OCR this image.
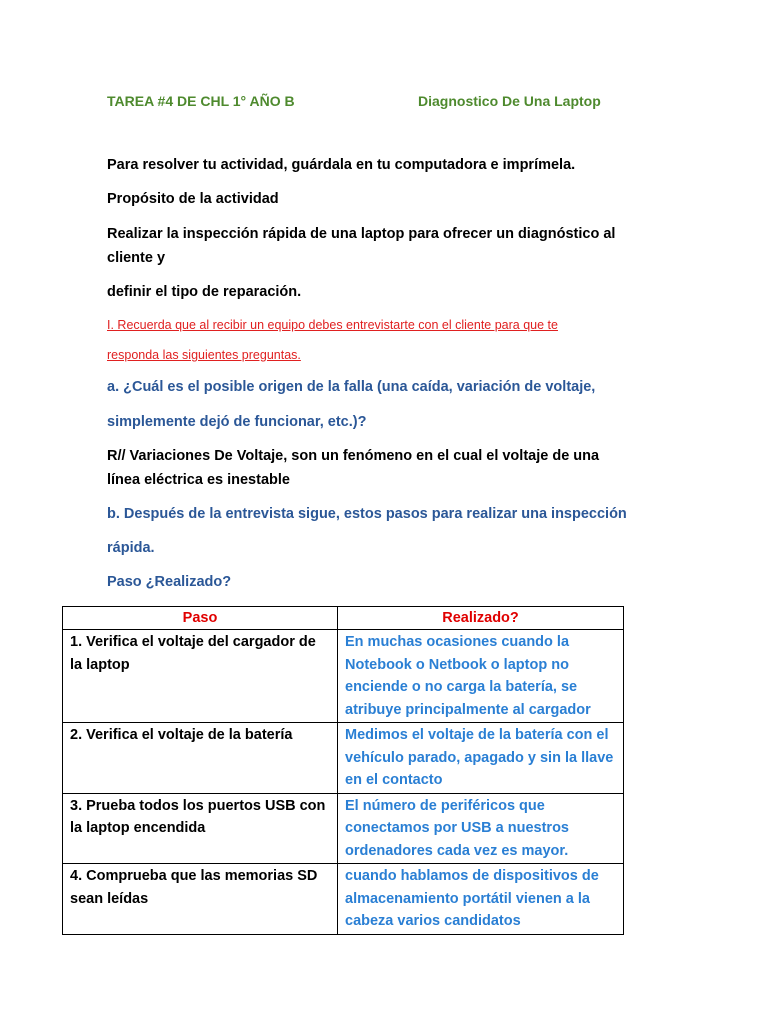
TAREA #4 DE CHL 1° AÑO B	Diagnostico De Una Laptop

Para resolver tu actividad, guárdala en tu computadora e imprímela.

Propósito de la actividad

Realizar la inspección rápida de una laptop para ofrecer un diagnóstico al

cliente y

definir el tipo de reparación.

I. Recuerda que al recibir un equipo debes entrevistarte con el cliente para que te

responda las siguientes preguntas.

a. ¿Cuál es el posible origen de la falla (una caída, variación de voltaje,

simplemente dejó de funcionar, etc.)?

R// Variaciones De Voltaje, son un fenómeno en el cual el voltaje de una

línea eléctrica es inestable

b. Después de la entrevista sigue, estos pasos para realizar una inspección

rápida.

Paso ¿Realizado?

Paso	Realizado?
1. Verifica el voltaje del cargador de la laptop	En muchas ocasiones cuando la Notebook o Netbook o laptop no enciende o no carga la batería, se atribuye principalmente al cargador
2. Verifica el voltaje de la batería	Medimos el voltaje de la batería con el vehículo parado, apagado y sin la llave en el contacto
3. Prueba todos los puertos USB con la laptop encendida	El número de periféricos que conectamos por USB a nuestros ordenadores cada vez es mayor.
4. Comprueba que las memorias SD sean leídas	cuando hablamos de dispositivos de almacenamiento portátil vienen a la cabeza varios candidatos
